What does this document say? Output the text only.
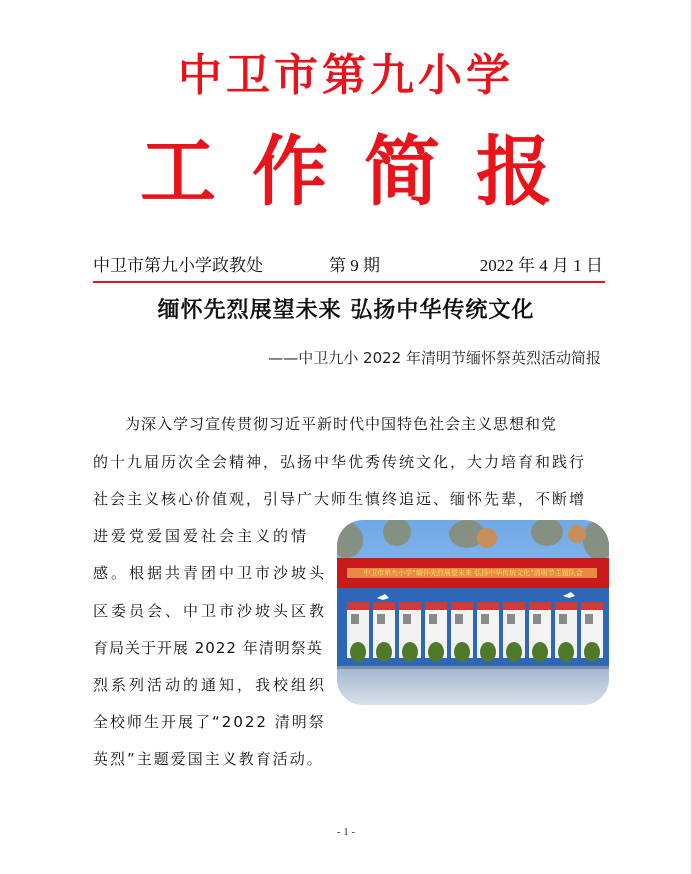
中卫市第九小学
工作简报
中卫市第九小学政教处	第 9 期	2022 年 4 月 1 日
缅怀先烈展望未来 弘扬中华传统文化
——中卫九小 2022 年清明节缅怀祭英烈活动简报
为深入学习宣传贯彻习近平新时代中国特色社会主义思想和党
的十九届历次全会精神，弘扬中华优秀传统文化，大力培育和践行
社会主义核心价值观，引导广大师生慎终追远、缅怀先辈，不断增
进爱党爱国爱社会主义的情
感。根据共青团中卫市沙坡头
区委员会、中卫市沙坡头区教
育局关于开展 2022 年清明祭英
烈系列活动的通知，我校组织
全校师生开展了“2022 清明祭
英烈”主题爱国主义教育活动。
中卫市第九小学“缅怀先烈展望未来 弘扬中华传统文化”清明节主题队会
- 1 -
